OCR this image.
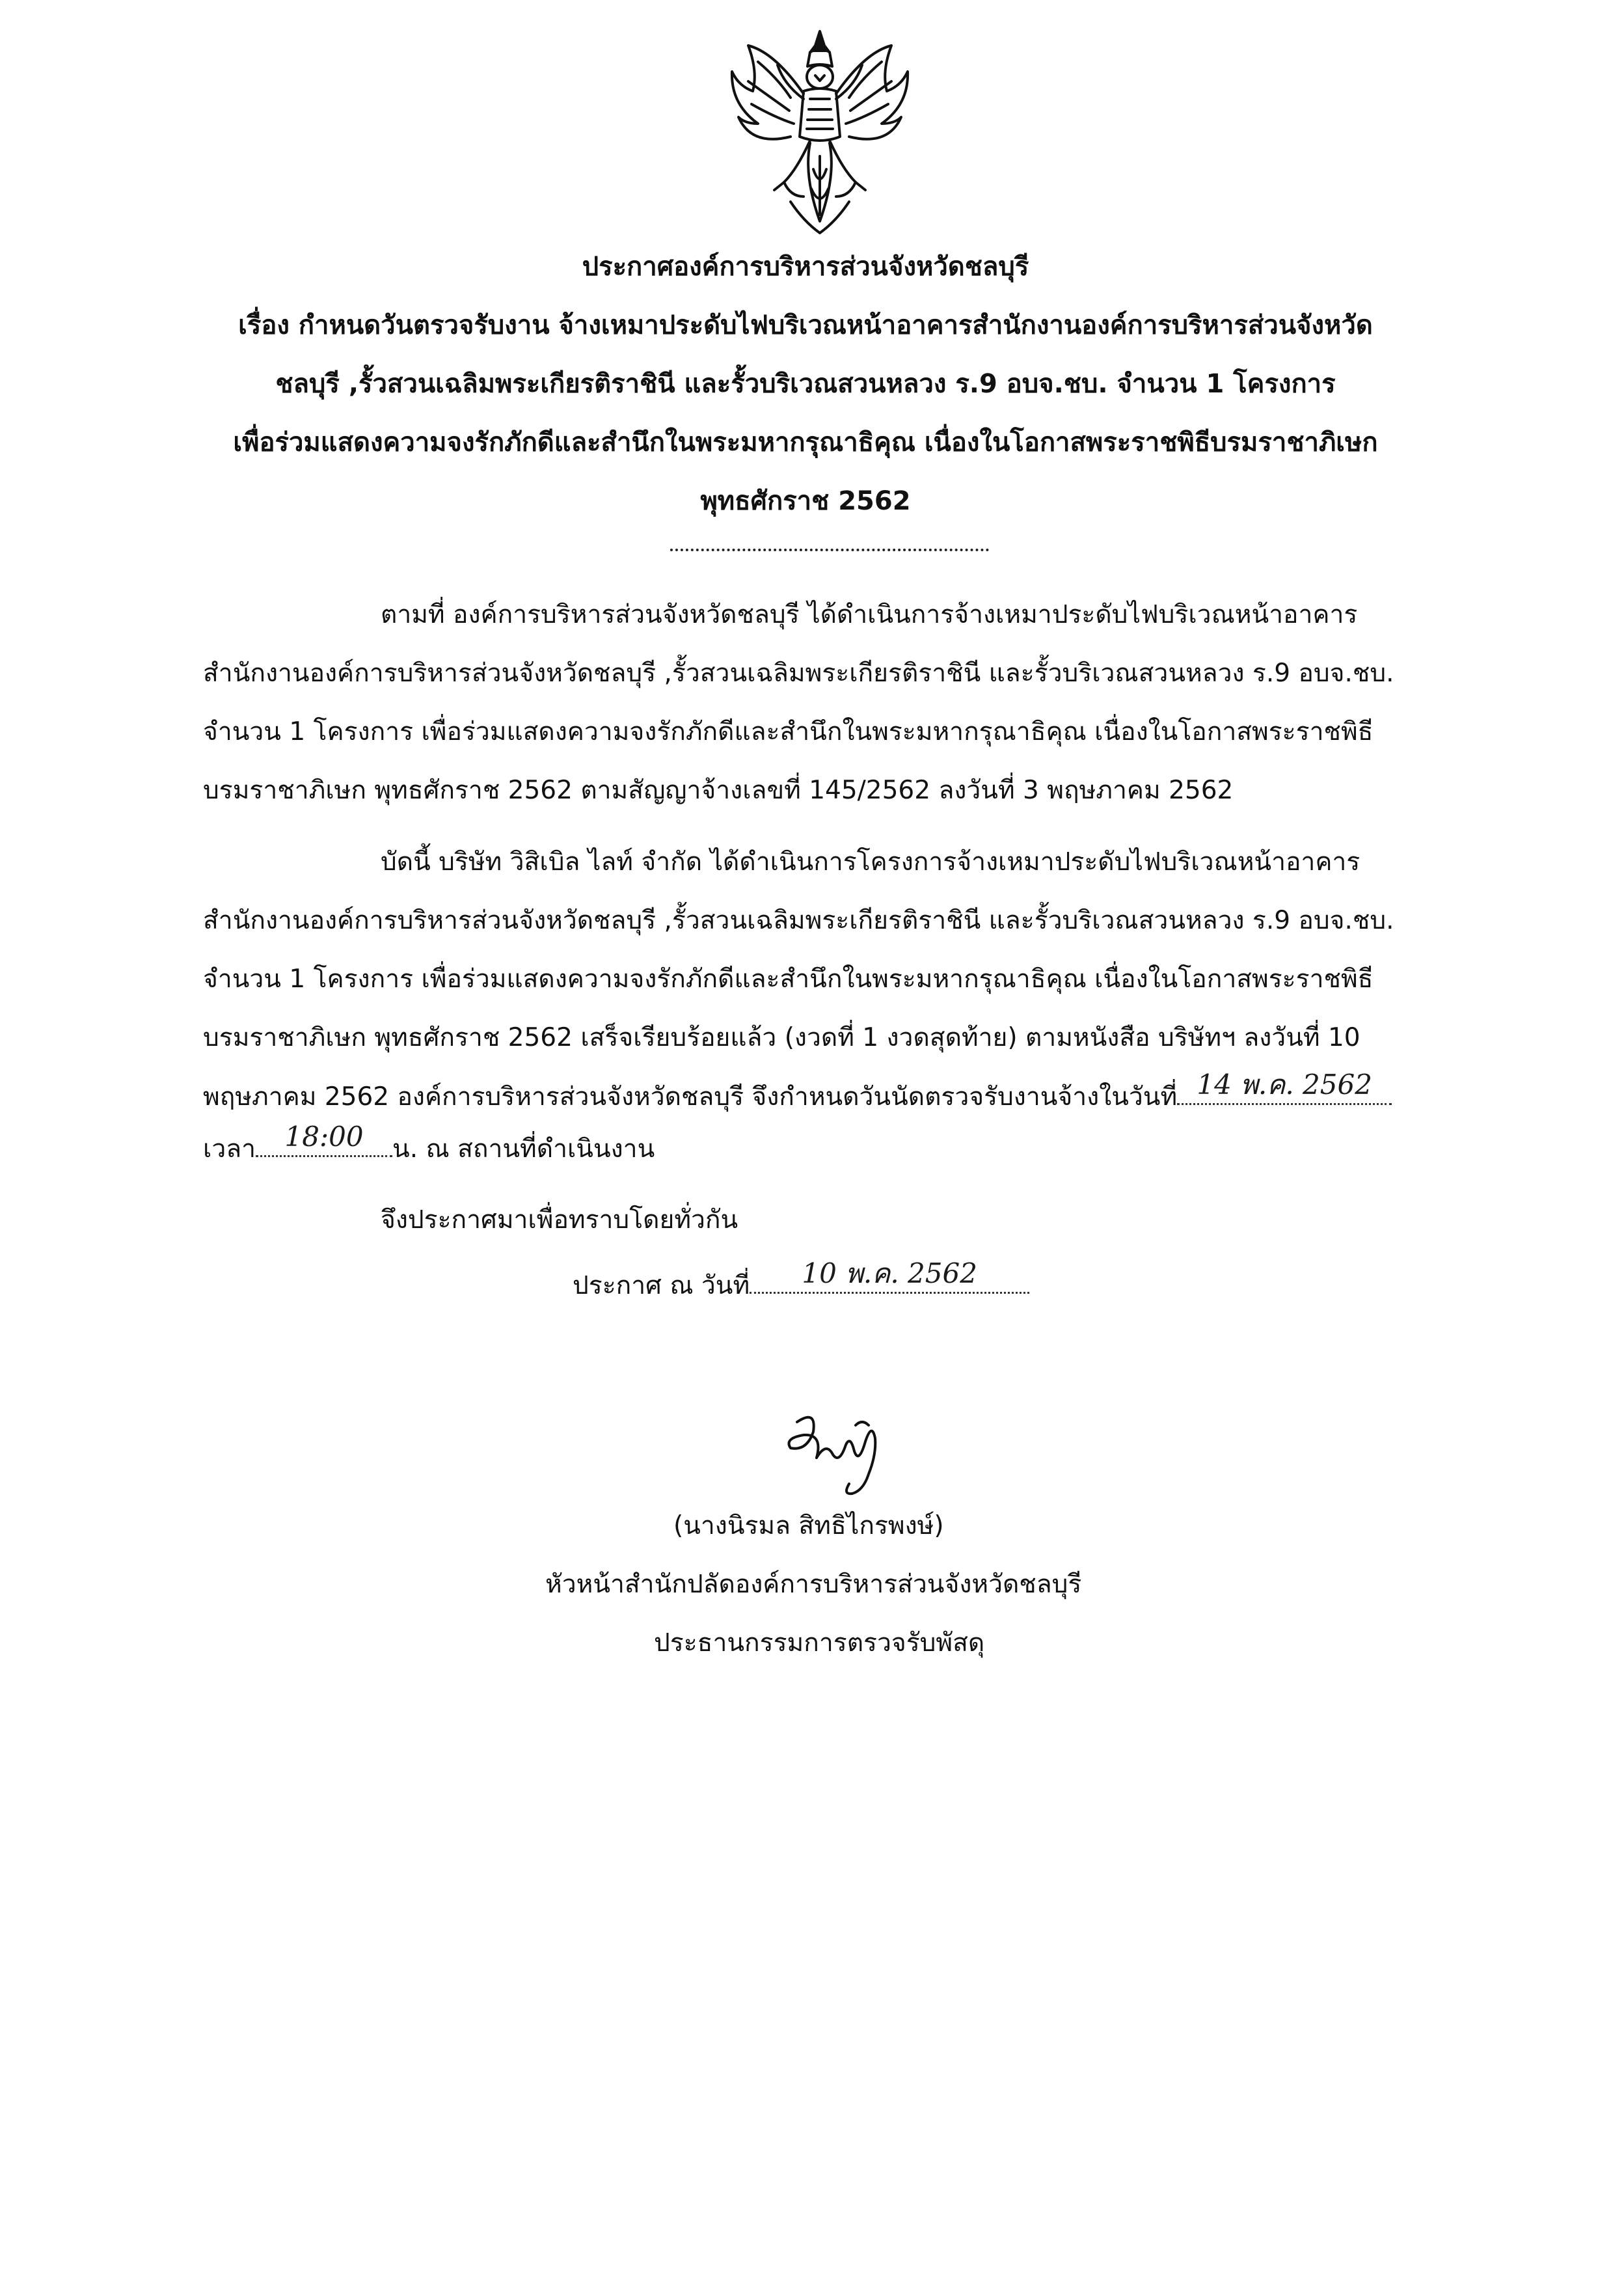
ประกาศองค์การบริหารส่วนจังหวัดชลบุรี
เรื่อง กำหนดวันตรวจรับงาน จ้างเหมาประดับไฟบริเวณหน้าอาคารสำนักงานองค์การบริหารส่วนจังหวัด
ชลบุรี ,รั้วสวนเฉลิมพระเกียรติราชินี และรั้วบริเวณสวนหลวง ร.9 อบจ.ชบ. จำนวน 1 โครงการ
เพื่อร่วมแสดงความจงรักภักดีและสำนึกในพระมหากรุณาธิคุณ เนื่องในโอกาสพระราชพิธีบรมราชาภิเษก
พุทธศักราช 2562
ตามที่ องค์การบริหารส่วนจังหวัดชลบุรี ได้ดำเนินการจ้างเหมาประดับไฟบริเวณหน้าอาคาร
สำนักงานองค์การบริหารส่วนจังหวัดชลบุรี ,รั้วสวนเฉลิมพระเกียรติราชินี และรั้วบริเวณสวนหลวง ร.9 อบจ.ชบ.
จำนวน 1 โครงการ เพื่อร่วมแสดงความจงรักภักดีและสำนึกในพระมหากรุณาธิคุณ เนื่องในโอกาสพระราชพิธี
บรมราชาภิเษก พุทธศักราช 2562 ตามสัญญาจ้างเลขที่ 145/2562 ลงวันที่ 3 พฤษภาคม 2562
บัดนี้ บริษัท วิสิเบิล ไลท์ จำกัด ได้ดำเนินการโครงการจ้างเหมาประดับไฟบริเวณหน้าอาคาร
สำนักงานองค์การบริหารส่วนจังหวัดชลบุรี ,รั้วสวนเฉลิมพระเกียรติราชินี และรั้วบริเวณสวนหลวง ร.9 อบจ.ชบ.
จำนวน 1 โครงการ เพื่อร่วมแสดงความจงรักภักดีและสำนึกในพระมหากรุณาธิคุณ เนื่องในโอกาสพระราชพิธี
บรมราชาภิเษก พุทธศักราช 2562 เสร็จเรียบร้อยแล้ว (งวดที่ 1 งวดสุดท้าย) ตามหนังสือ บริษัทฯ ลงวันที่ 10
พฤษภาคม 2562 องค์การบริหารส่วนจังหวัดชลบุรี จึงกำหนดวันนัดตรวจรับงานจ้างในวันที่ 14 พ.ค. 2562
เวลา	18:00	น. ณ สถานที่ดำเนินงาน
จึงประกาศมาเพื่อทราบโดยทั่วกัน
ประกาศ ณ วันที่	10 พ.ค. 2562
(นางนิรมล สิทธิไกรพงษ์)
หัวหน้าสำนักปลัดองค์การบริหารส่วนจังหวัดชลบุรี
ประธานกรรมการตรวจรับพัสดุ
